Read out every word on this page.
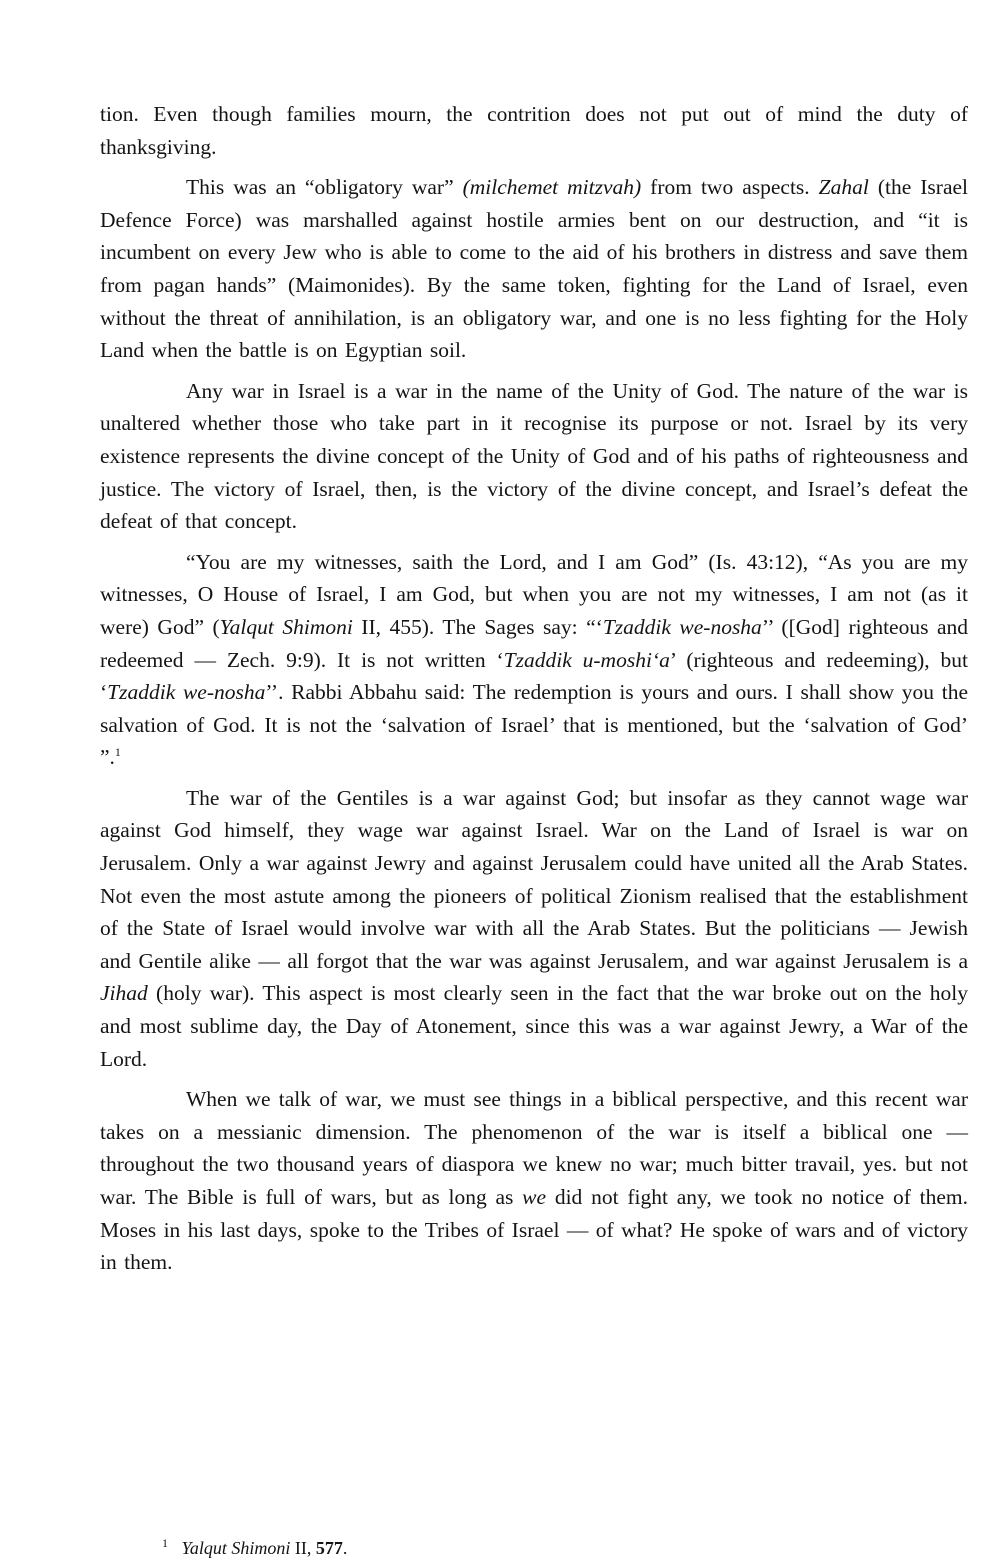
tion. Even though families mourn, the contrition does not put out of mind the duty of thanksgiving.

This was an “obligatory war” (milchemet mitzvah) from two aspects. Zahal (the Israel Defence Force) was marshalled against hostile armies bent on our destruction, and “it is incumbent on every Jew who is able to come to the aid of his brothers in distress and save them from pagan hands” (Maimonides). By the same token, fighting for the Land of Israel, even without the threat of annihilation, is an obligatory war, and one is no less fighting for the Holy Land when the battle is on Egyptian soil.

Any war in Israel is a war in the name of the Unity of God. The nature of the war is unaltered whether those who take part in it recognise its purpose or not. Israel by its very existence represents the divine concept of the Unity of God and of his paths of righteousness and justice. The victory of Israel, then, is the victory of the divine concept, and Israel’s defeat the defeat of that concept.

“You are my witnesses, saith the Lord, and I am God” (Is. 43:12), “As you are my witnesses, O House of Israel, I am God, but when you are not my witnesses, I am not (as it were) God” (Yalqut Shimoni II, 455). The Sages say: “‘Tzaddik we-nosha’’ ([God] righteous and redeemed — Zech. 9:9). It is not written ‘Tzaddik u-moshi‘a’ (righteous and redeeming), but ‘Tzaddik we-nosha’’. Rabbi Abbahu said: The redemption is yours and ours. I shall show you the salvation of God. It is not the ‘salvation of Israel’ that is mentioned, but the ‘salvation of God’ ”.$^1$

The war of the Gentiles is a war against God; but insofar as they cannot wage war against God himself, they wage war against Israel. War on the Land of Israel is war on Jerusalem. Only a war against Jewry and against Jerusalem could have united all the Arab States. Not even the most astute among the pioneers of political Zionism realised that the establishment of the State of Israel would involve war with all the Arab States. But the politicians — Jewish and Gentile alike — all forgot that the war was against Jerusalem, and war against Jerusalem is a Jihad (holy war). This aspect is most clearly seen in the fact that the war broke out on the holy and most sublime day, the Day of Atonement, since this was a war against Jewry, a War of the Lord.

When we talk of war, we must see things in a biblical perspective, and this recent war takes on a messianic dimension. The phenomenon of the war is itself a biblical one — throughout the two thousand years of diaspora we knew no war; much bitter travail, yes. but not war. The Bible is full of wars, but as long as we did not fight any, we took no notice of them. Moses in his last days, spoke to the Tribes of Israel — of what? He spoke of wars and of victory in them.

$^1$ Yalqut Shimoni II, 577.
